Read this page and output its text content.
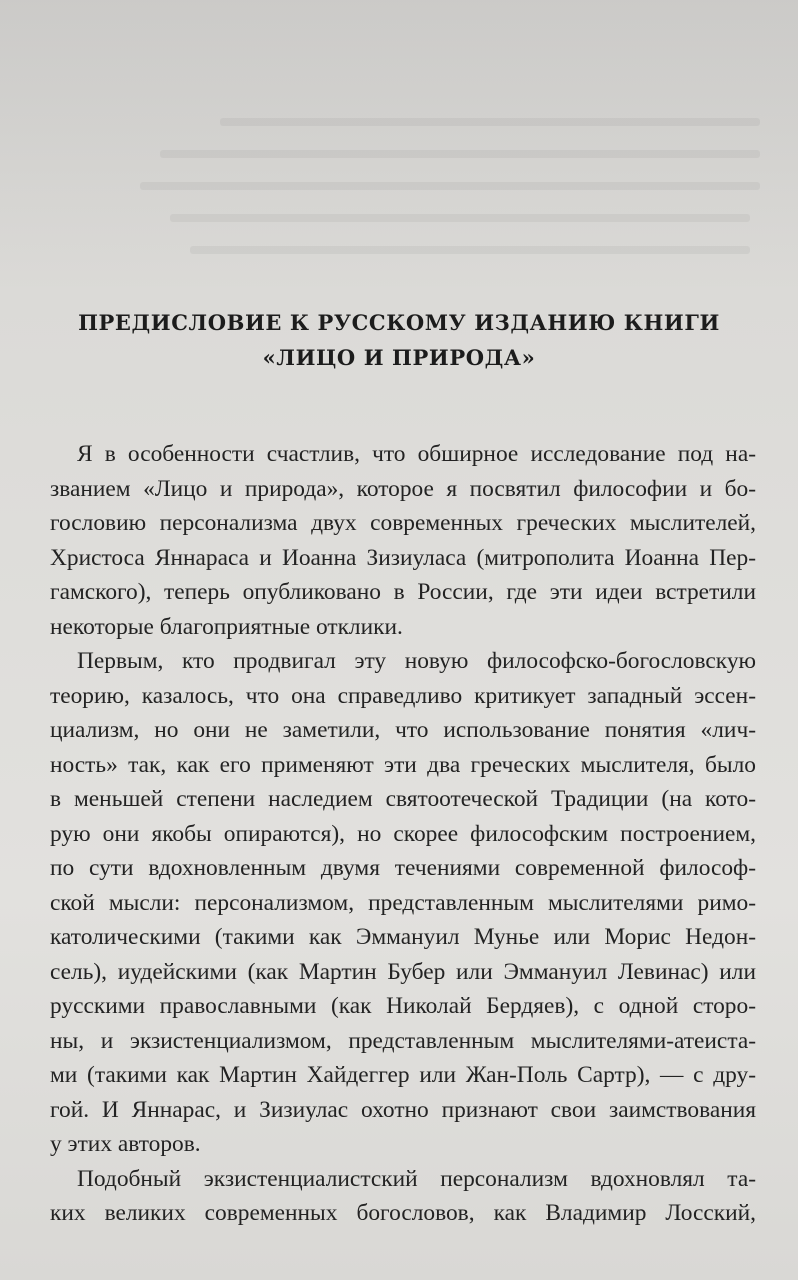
ПРЕДИСЛОВИЕ К РУССКОМУ ИЗДАНИЮ КНИГИ
«ЛИЦО И ПРИРОДА»
Я в особенности счастлив, что обширное исследование под на-
званием «Лицо и природа», которое я посвятил философии и бо-
гословию персонализма двух современных греческих мыслителей,
Христоса Яннараса и Иоанна Зизиуласа (митрополита Иоанна Пер-
гамского), теперь опубликовано в России, где эти идеи встретили
некоторые благоприятные отклики.
Первым, кто продвигал эту новую философско-богословскую
теорию, казалось, что она справедливо критикует западный эссен-
циализм, но они не заметили, что использование понятия «лич-
ность» так, как его применяют эти два греческих мыслителя, было
в меньшей степени наследием святоотеческой Традиции (на кото-
рую они якобы опираются), но скорее философским построением,
по сути вдохновленным двумя течениями современной философ-
ской мысли: персонализмом, представленным мыслителями римо-
католическими (такими как Эммануил Мунье или Морис Недон-
сель), иудейскими (как Мартин Бубер или Эммануил Левинас) или
русскими православными (как Николай Бердяев), с одной сторо-
ны, и экзистенциализмом, представленным мыслителями-атеиста-
ми (такими как Мартин Хайдеггер или Жан-Поль Сартр), — с дру-
гой. И Яннарас, и Зизиулас охотно признают свои заимствования
у этих авторов.
Подобный экзистенциалистский персонализм вдохновлял та-
ких великих современных богословов, как Владимир Лосский,
